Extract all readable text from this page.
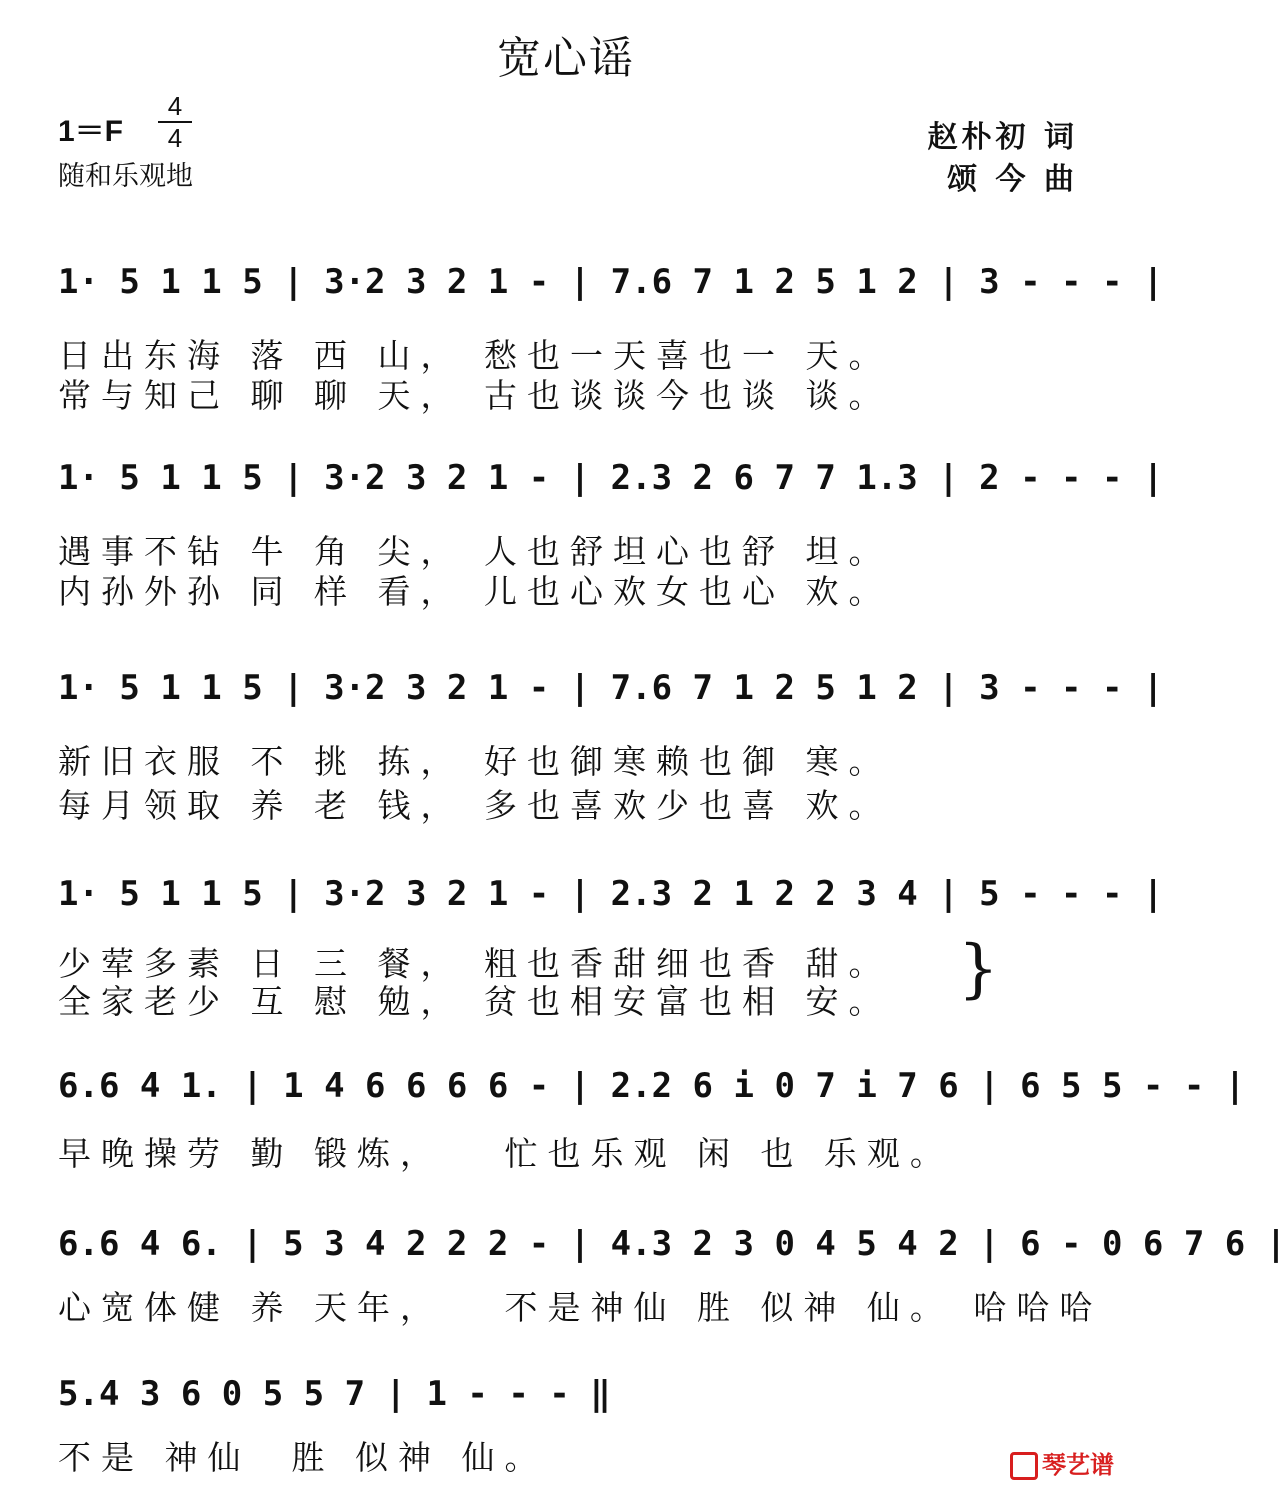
宽心谣
1＝F
4
4
随和乐观地
赵朴初 词
颂 今 曲
1· 5 1 1 5 | 3·2 3 2 1 - | 7.6 7 1 2 5 1 2 | 3 - - - |
日出东海 落 西 山， 愁也一天喜也一 天。
常与知己 聊 聊 天， 古也谈谈今也谈 谈。
1· 5 1 1 5 | 3·2 3 2 1 - | 2.3 2 6 7 7 1.3 | 2 - - - |
遇事不钻 牛 角 尖， 人也舒坦心也舒 坦。
内孙外孙 同 样 看， 儿也心欢女也心 欢。
1· 5 1 1 5 | 3·2 3 2 1 - | 7.6 7 1 2 5 1 2 | 3 - - - |
新旧衣服 不 挑 拣， 好也御寒赖也御 寒。
每月领取 养 老 钱， 多也喜欢少也喜 欢。
1· 5 1 1 5 | 3·2 3 2 1 - | 2.3 2 1 2 2 3 4 | 5 - - - |
少荤多素 日 三 餐， 粗也香甜细也香 甜。
全家老少 互 慰 勉， 贫也相安富也相 安。 }
6.6 4 1. | 1 4 6 6 6 6 - | 2.2 6 i 0 7 i 7 6 | 6 5 5 - - |
早晚操劳 勤 锻炼，   忙也乐观 闲 也 乐观。
6.6 4 6. | 5 3 4 2 2 2 - | 4.3 2 3 0 4 5 4 2 | 6 - 0 6 7 6 |
心宽体健 养 天年，   不是神仙 胜 似神 仙。 哈哈哈
5.4 3 6 0 5 5 7 | 1 - - - ‖
不是 神仙  胜 似神 仙。	琴艺谱
